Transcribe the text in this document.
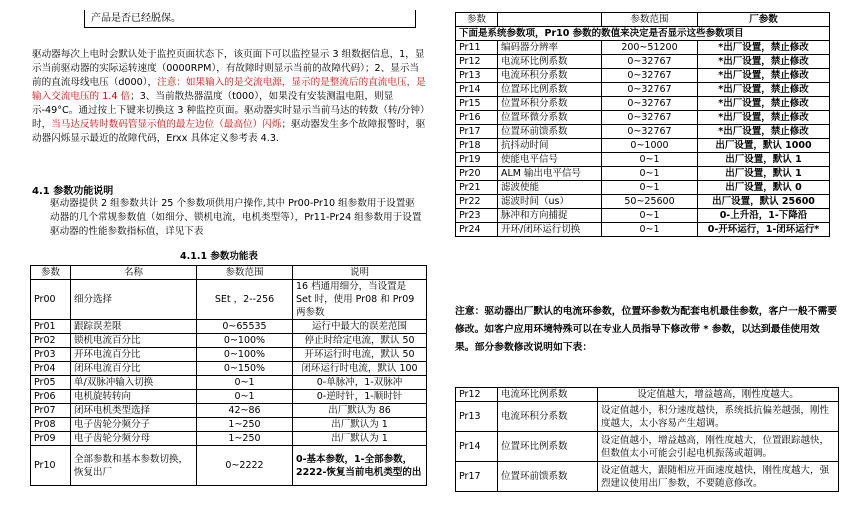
产品是否已经脱保。
驱动器每次上电时会默认处于监控页面状态下，该页面下可以监控显示 3 组数据信息，1，显示当前驱动器的实际运转速度（0000RPM），有故障时则显示当前的故障代码）；2、显示当前的直流母线电压（d000），注意：如果输入的是交流电源，显示的是整流后的直流电压，是输入交流电压的 1.4 倍；3、当前散热器温度（t000），如果没有安装测温电阻，则显示-49°C。通过按上下键来切换这 3 种监控页面。驱动器实时显示当前马达的转数（转/分钟）时，当马达反转时数码管显示值的最左边位（最高位）闪烁；驱动器发生多个故障报警时，驱动器闪烁显示最近的故障代码，Erxx 具体定义参考表 4.3.
4.1 参数功能说明
驱动器提供 2 组参数共计 25 个参数项供用户操作,其中 Pr00-Pr10 组参数用于设置驱动器的几个常规参数值（如细分、锁机电流，电机类型等），Pr11-Pr24 组参数用于设置驱动器的性能参数指标值，详见下表
4.1.1 参数功能表
参数	名称	参数范围	说明
Pr00	细分选择	SEt ，2--256	16 档通用细分，当设置是 Set 时，使用 Pr08 和 Pr09 两参数
Pr01	跟踪误差限	0~65535	运行中最大的误差范围
Pr02	锁机电流百分比	0~100%	停止时给定电流，默认 50
Pr03	开环电流百分比	0~100%	开环运行时电流，默认 50
Pr04	闭环电流百分比	0~150%	闭环运行时电流，默认 100
Pr05	单/双脉冲输入切换	0~1	0-单脉冲，1-双脉冲
Pr06	电机旋转转向	0~1	0-逆时针，1-顺时针
Pr07	闭环电机类型选择	42~86	出厂默认为 86
Pr08	电子齿轮分频分子	1~250	出厂默认为 1
Pr09	电子齿轮分频分母	1~250	出厂默认为 1
Pr10	全部参数和基本参数切换，恢复出厂	0~2222	0-基本参数，1-全部参数，2222-恢复当前电机类型的出
参数		参数范围	厂参数
下面是系统参数项，Pr10 参数的数值来决定是否显示这些参数项目			
Pr11	编码器分辨率	200~51200	*出厂设置，禁止修改
Pr12	电流环比例系数	0~32767	*出厂设置，禁止修改
Pr13	电流环积分系数	0~32767	*出厂设置，禁止修改
Pr14	位置环比例系数	0~32767	*出厂设置，禁止修改
Pr15	位置环积分系数	0~32767	*出厂设置，禁止修改
Pr16	位置环微分系数	0~32767	*出厂设置，禁止修改
Pr17	位置环前馈系数	0~32767	*出厂设置，禁止修改
Pr18	抗抖动时间	0~1000	出厂设置，默认 1000
Pr19	使能电平信号	0~1	出厂设置，默认 1
Pr20	ALM 输出电平信号	0~1	出厂设置，默认 1
Pr21	滤波使能	0~1	出厂设置，默认 0
Pr22	滤波时间（us）	50~25600	出厂设置，默认 25600
Pr23	脉冲和方向捕捉	0~1	0-上升沿，1-下降沿
Pr24	开环/闭环运行切换	0~1	0-开环运行，1-闭环运行*
注意：驱动器出厂默认的电流环参数，位置环参数为配套电机最佳参数，客户一般不需要修改。如客户应用环境特殊可以在专业人员指导下修改带 * 参数，以达到最佳使用效果。部分参数修改说明如下表：
Pr12	电流环比例系数	设定值越大，增益越高，刚性度越大。
Pr13	电流环积分系数	设定值越小，积分速度越快，系统抵抗偏差越强，刚性度越大，太小容易产生超调。
Pr14	位置环比例系数	设定值越小，增益越高，刚性度越大，位置跟踪越快，但数值太小可能会引起电机振荡或超调。
Pr17	位置环前馈系数	设定值越大，跟随相应开面速度越快，刚性度越大，强烈建议使用出厂参数，不要随意修改。
